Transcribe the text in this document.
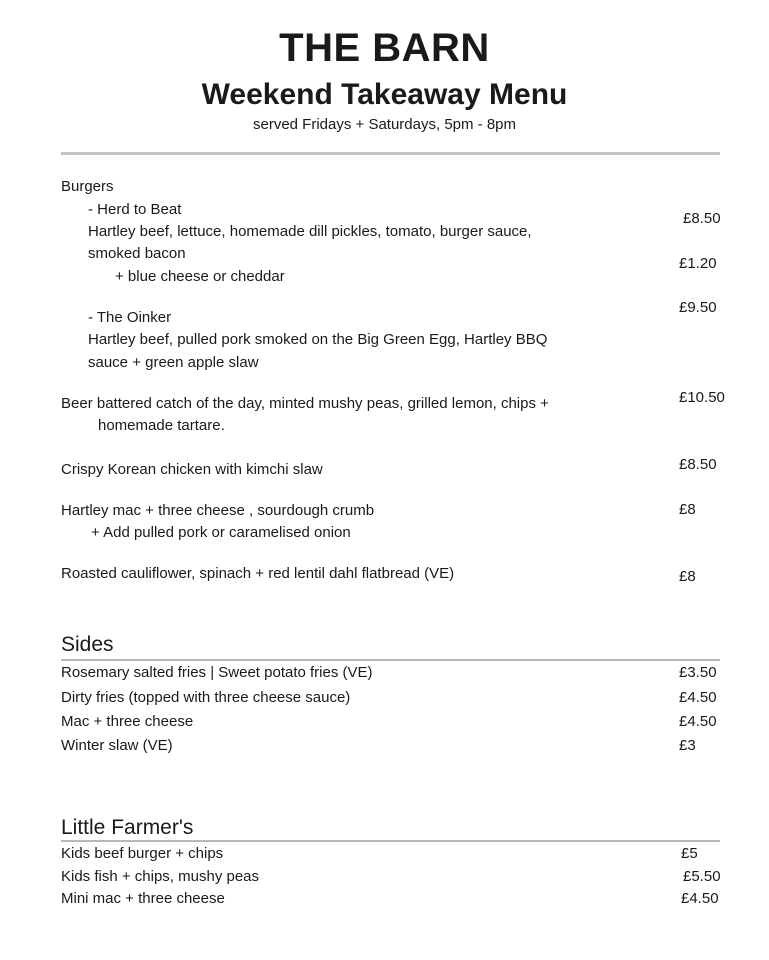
THE BARN
Weekend Takeaway Menu
served Fridays + Saturdays, 5pm - 8pm
Burgers
- Herd to Beat
Hartley beef, lettuce, homemade dill pickles, tomato, burger sauce,
smoked bacon
£8.50
+ blue cheese or cheddar
£1.20
- The Oinker
Hartley beef, pulled pork smoked on the Big Green Egg, Hartley BBQ
sauce + green apple slaw
£9.50
Beer battered catch of the day, minted mushy peas, grilled lemon, chips +
homemade tartare.
£10.50
Crispy Korean chicken with kimchi slaw	£8.50
Hartley mac + three cheese , sourdough crumb
+ Add pulled pork or caramelised onion
£8
Roasted cauliflower, spinach + red lentil dahl flatbread (VE)	£8
Sides
Rosemary salted fries | Sweet potato fries (VE)	£3.50
Dirty fries (topped with three cheese sauce)	£4.50
Mac + three cheese	£4.50
Winter slaw (VE)	£3
Little Farmer's
Kids beef burger + chips	£5
Kids fish + chips, mushy peas	£5.50
Mini mac + three cheese	£4.50
